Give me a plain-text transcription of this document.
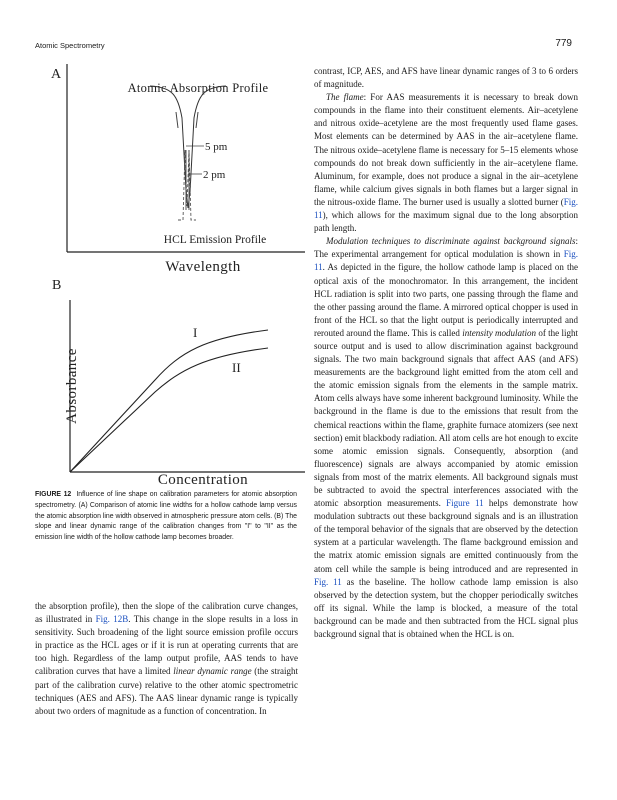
Atomic Spectrometry	779
A
Atomic Absorption Profile
5 pm
2 pm
HCL Emission Profile
Wavelength
B
Absorbance
I
II
Concentration

FIGURE 12 Influence of line shape on calibration parameters for atomic absorption spectrometry. (A) Comparison of atomic line widths for a hollow cathode lamp versus the atomic absorption line width observed in atmospheric pressure atom cells. (B) The slope and linear dynamic range of the calibration changes from "I" to "II" as the emission line width of the hollow cathode lamp becomes broader.

the absorption profile), then the slope of the calibration curve changes, as illustrated in Fig. 12B. This change in the slope results in a loss in sensitivity. Such broadening of the light source emission profile occurs in practice as the HCL ages or if it is run at operating currents that are too high. Regardless of the lamp output profile, AAS tends to have calibration curves that have a limited linear dynamic range (the straight part of the calibration curve) relative to the other atomic spectrometric techniques (AES and AFS). The AAS linear dynamic range is typically about two orders of magnitude as a function of concentration. In

contrast, ICP, AES, and AFS have linear dynamic ranges of 3 to 6 orders of magnitude.

The flame: For AAS measurements it is necessary to break down compounds in the flame into their constituent elements. Air–acetylene and nitrous oxide–acetylene are the most frequently used flame gases. Most elements can be determined by AAS in the air–acetylene flame. The nitrous oxide–acetylene flame is necessary for 5–15 elements whose compounds do not break down sufficiently in the air–acetylene flame. Aluminum, for example, does not produce a signal in the air–acetylene flame, while calcium gives signals in both flames but a larger signal in the nitrous-oxide flame. The burner used is usually a slotted burner (Fig. 11), which allows for the maximum signal due to the long absorption path length.

Modulation techniques to discriminate against background signals: The experimental arrangement for optical modulation is shown in Fig. 11. As depicted in the figure, the hollow cathode lamp is placed on the optical axis of the monochromator. In this arrangement, the incident HCL radiation is split into two parts, one passing through the flame and the other passing around the flame. A mirrored optical chopper is used in front of the HCL so that the light output is periodically interrupted and rerouted around the flame. This is called intensity modulation of the light source output and is used to allow discrimination against background signals. The two main background signals that affect AAS (and AFS) measurements are the background light emitted from the atom cell and the atomic emission signals from the elements in the sample matrix. Atom cells always have some inherent background luminosity. While the background in the flame is due to the emissions that result from the chemical reactions within the flame, graphite furnace atomizers (see next section) emit blackbody radiation. All atom cells are hot enough to excite some atomic emission signals. Consequently, absorption (and fluorescence) signals are always accompanied by atomic emission signals from most of the matrix elements. All background signals must be subtracted to avoid the spectral interferences associated with the atomic absorption measurements. Figure 11 helps demonstrate how modulation subtracts out these background signals and is an illustration of the temporal behavior of the signals that are observed by the detection system at a particular wavelength. The flame background emission and the matrix atomic emission signals are emitted continuously from the atom cell while the sample is being introduced and are represented in Fig. 11 as the baseline. The hollow cathode lamp emission is also observed by the detection system, but the chopper periodically switches off its signal. While the lamp is blocked, a measure of the total background can be made and then subtracted from the HCL signal plus background signal that is obtained when the HCL is on.
